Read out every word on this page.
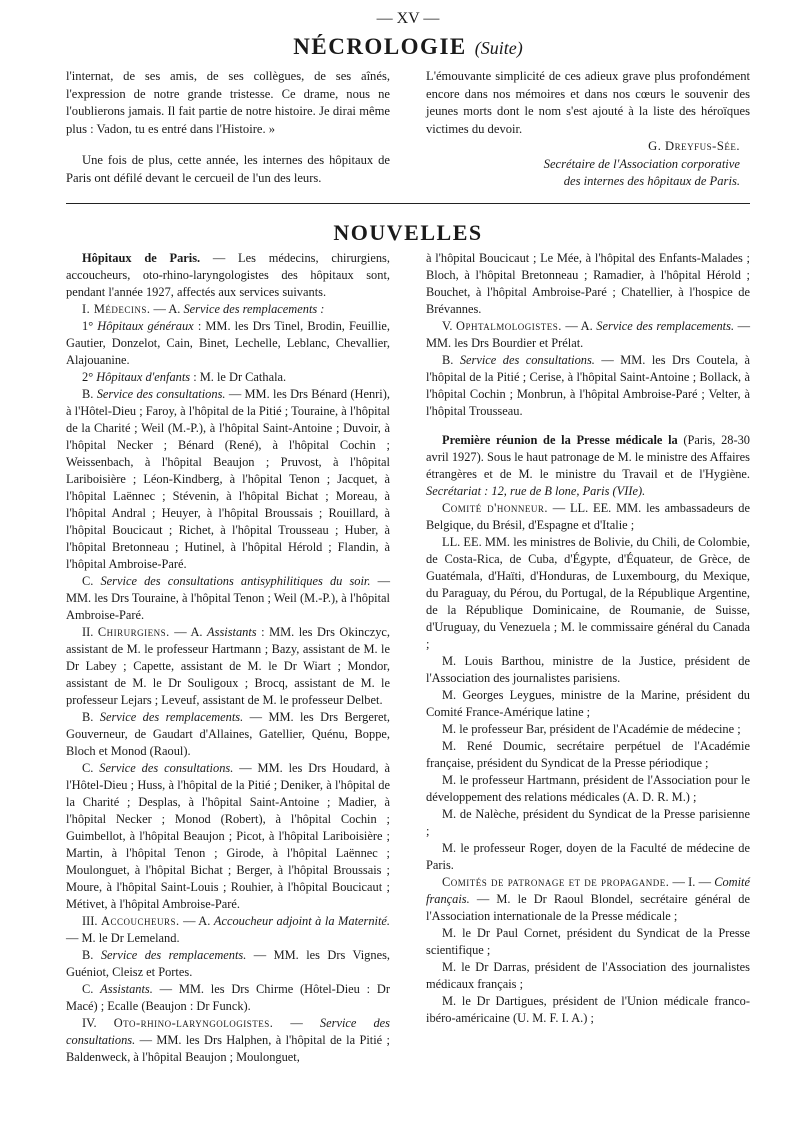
— XV —
NÉCROLOGIE (Suite)

l'internat, de ses amis, de ses collègues, de ses aînés, l'expression de notre grande tristesse. Ce drame, nous ne l'oublierons jamais. Il fait partie de notre histoire. Je dirai même plus : Vadon, tu es entré dans l'Histoire. »

Une fois de plus, cette année, les internes des hôpitaux de Paris ont défilé devant le cercueil de l'un des leurs.

L'émouvante simplicité de ces adieux grave plus profondément encore dans nos mémoires et dans nos cœurs le souvenir des jeunes morts dont le nom s'est ajouté à la liste des héroïques victimes du devoir.

G. Dreyfus-Sée.

Secrétaire de l'Association corporative

des internes des hôpitaux de Paris.

NOUVELLES

Hôpitaux de Paris. — Les médecins, chirurgiens, accoucheurs, oto-rhino-laryngologistes des hôpitaux sont, pendant l'année 1927, affectés aux services suivants.

I. Médecins. — A. Service des remplacements :

1° Hôpitaux généraux : MM. les Drs Tinel, Brodin, Feuillie, Gautier, Donzelot, Cain, Binet, Lechelle, Leblanc, Chevallier, Alajouanine.

2° Hôpitaux d'enfants : M. le Dr Cathala.

B. Service des consultations. — MM. les Drs Bénard (Henri), à l'Hôtel-Dieu ; Faroy, à l'hôpital de la Pitié ; Touraine, à l'hôpital de la Charité ; Weil (M.-P.), à l'hôpital Saint-Antoine ; Duvoir, à l'hôpital Necker ; Bénard (René), à l'hôpital Cochin ; Weissenbach, à l'hôpital Beaujon ; Pruvost, à l'hôpital Lariboisière ; Léon-Kindberg, à l'hôpital Tenon ; Jacquet, à l'hôpital Laënnec ; Stévenin, à l'hôpital Bichat ; Moreau, à l'hôpital Andral ; Heuyer, à l'hôpital Broussais ; Rouillard, à l'hôpital Boucicaut ; Richet, à l'hôpital Trousseau ; Huber, à l'hôpital Bretonneau ; Hutinel, à l'hôpital Hérold ; Flandin, à l'hôpital Ambroise-Paré.

C. Service des consultations antisyphilitiques du soir. — MM. les Drs Touraine, à l'hôpital Tenon ; Weil (M.-P.), à l'hôpital Ambroise-Paré.

II. Chirurgiens. — A. Assistants : MM. les Drs Okinczyc, assistant de M. le professeur Hartmann ; Bazy, assistant de M. le Dr Labey ; Capette, assistant de M. le Dr Wiart ; Mondor, assistant de M. le Dr Souligoux ; Brocq, assistant de M. le professeur Lejars ; Leveuf, assistant de M. le professeur Delbet.

B. Service des remplacements. — MM. les Drs Bergeret, Gouverneur, de Gaudart d'Allaines, Gatellier, Quénu, Boppe, Bloch et Monod (Raoul).

C. Service des consultations. — MM. les Drs Houdard, à l'Hôtel-Dieu ; Huss, à l'hôpital de la Pitié ; Deniker, à l'hôpital de la Charité ; Desplas, à l'hôpital Saint-Antoine ; Madier, à l'hôpital Necker ; Monod (Robert), à l'hôpital Cochin ; Guimbellot, à l'hôpital Beaujon ; Picot, à l'hôpital Lariboisière ; Martin, à l'hôpital Tenon ; Girode, à l'hôpital Laënnec ; Moulonguet, à l'hôpital Bichat ; Berger, à l'hôpital Broussais ; Moure, à l'hôpital Saint-Louis ; Rouhier, à l'hôpital Boucicaut ; Métivet, à l'hôpital Ambroise-Paré.

III. Accoucheurs. — A. Accoucheur adjoint à la Maternité. — M. le Dr Lemeland.

B. Service des remplacements. — MM. les Drs Vignes, Guéniot, Cleisz et Portes.

C. Assistants. — MM. les Drs Chirme (Hôtel-Dieu : Dr Macé) ; Ecalle (Beaujon : Dr Funck).

IV. Oto-rhino-laryngologistes. — Service des consultations. — MM. les Drs Halphen, à l'hôpital de la Pitié ; Baldenweck, à l'hôpital Beaujon ; Moulonguet,

à l'hôpital Boucicaut ; Le Mée, à l'hôpital des Enfants-Malades ; Bloch, à l'hôpital Bretonneau ; Ramadier, à l'hôpital Hérold ; Bouchet, à l'hôpital Ambroise-Paré ; Chatellier, à l'hospice de Brévannes.

V. Ophtalmologistes. — A. Service des remplacements. — MM. les Drs Bourdier et Prélat.

B. Service des consultations. — MM. les Drs Coutela, à l'hôpital de la Pitié ; Cerise, à l'hôpital Saint-Antoine ; Bollack, à l'hôpital Cochin ; Monbrun, à l'hôpital Ambroise-Paré ; Velter, à l'hôpital Trousseau.

Première réunion de la Presse médicale la (Paris, 28-30 avril 1927). Sous le haut patronage de M. le ministre des Affaires étrangères et de M. le ministre du Travail et de l'Hygiène. Secrétariat : 12, rue de B lone, Paris (VIIe).

Comité d'honneur. — LL. EE. MM. les ambassadeurs de Belgique, du Brésil, d'Espagne et d'Italie ;

LL. EE. MM. les ministres de Bolivie, du Chili, de Colombie, de Costa-Rica, de Cuba, d'Égypte, d'Équateur, de Grèce, de Guatémala, d'Haïti, d'Honduras, de Luxembourg, du Mexique, du Paraguay, du Pérou, du Portugal, de la République Argentine, de la République Dominicaine, de Roumanie, de Suisse, d'Uruguay, du Venezuela ; M. le commissaire général du Canada ;

M. Louis Barthou, ministre de la Justice, président de l'Association des journalistes parisiens.

M. Georges Leygues, ministre de la Marine, président du Comité France-Amérique latine ;

M. le professeur Bar, président de l'Académie de médecine ;

M. René Doumic, secrétaire perpétuel de l'Académie française, président du Syndicat de la Presse périodique ;

M. le professeur Hartmann, président de l'Association pour le développement des relations médicales (A. D. R. M.) ;

M. de Nalèche, président du Syndicat de la Presse parisienne ;

M. le professeur Roger, doyen de la Faculté de médecine de Paris.

Comités de patronage et de propagande. — I. — Comité français. — M. le Dr Raoul Blondel, secrétaire général de l'Association internationale de la Presse médicale ;

M. le Dr Paul Cornet, président du Syndicat de la Presse scientifique ;

M. le Dr Darras, président de l'Association des journalistes médicaux français ;

M. le Dr Dartigues, président de l'Union médicale franco-ibéro-américaine (U. M. F. I. A.) ;
